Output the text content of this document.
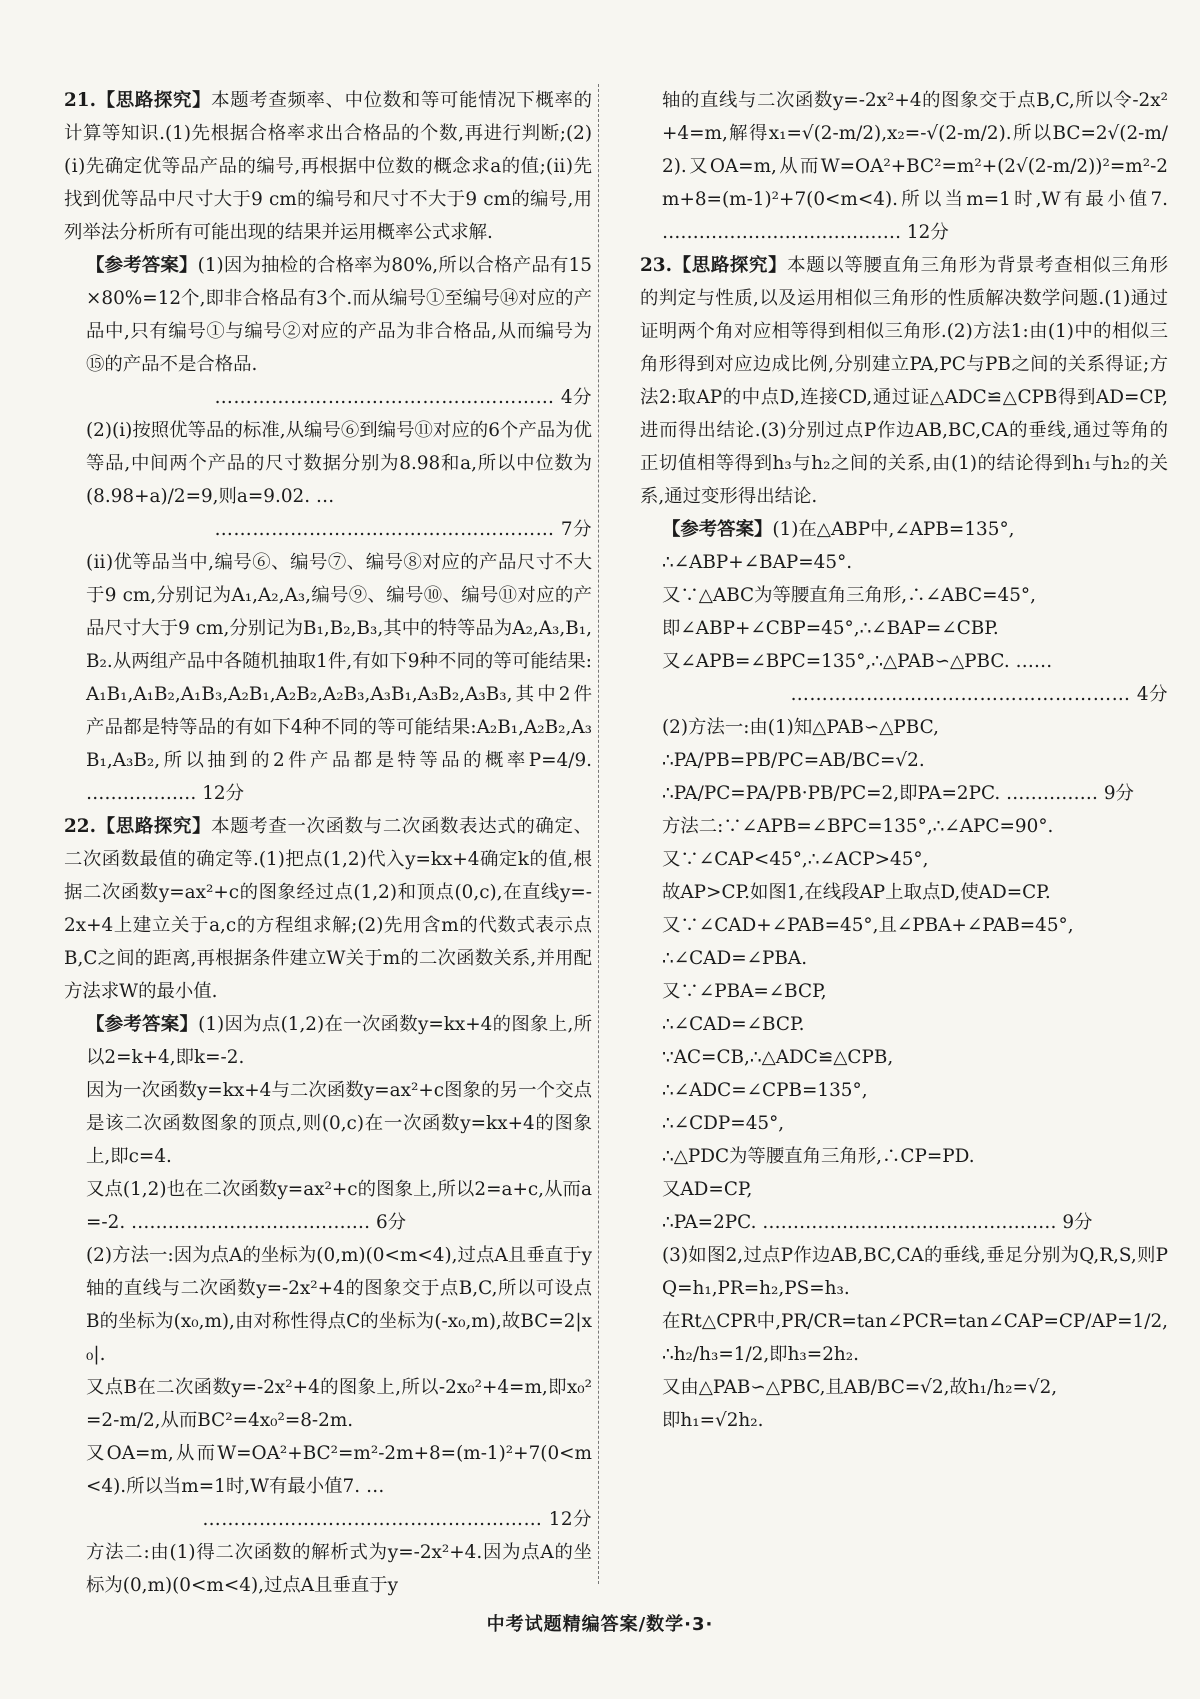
21.【思路探究】本题考查频率、中位数和等可能情况下概率的计算等知识.(1)先根据合格率求出合格品的个数,再进行判断;(2)(ⅰ)先确定优等品产品的编号,再根据中位数的概念求a的值;(ⅱ)先找到优等品中尺寸大于9 cm的编号和尺寸不大于9 cm的编号,用列举法分析所有可能出现的结果并运用概率公式求解.

【参考答案】(1)因为抽检的合格率为80%,所以合格产品有15×80%=12个,即非合格品有3个.而从编号①至编号⑭对应的产品中,只有编号①与编号②对应的产品为非合格品,从而编号为⑮的产品不是合格品.

……………………………………………… 4分

(2)(ⅰ)按照优等品的标准,从编号⑥到编号⑪对应的6个产品为优等品,中间两个产品的尺寸数据分别为8.98和a,所以中位数为(8.98+a)/2=9,则a=9.02. …

……………………………………………… 7分

(ⅱ)优等品当中,编号⑥、编号⑦、编号⑧对应的产品尺寸不大于9 cm,分别记为A₁,A₂,A₃,编号⑨、编号⑩、编号⑪对应的产品尺寸大于9 cm,分别记为B₁,B₂,B₃,其中的特等品为A₂,A₃,B₁,B₂.从两组产品中各随机抽取1件,有如下9种不同的等可能结果:A₁B₁,A₁B₂,A₁B₃,A₂B₁,A₂B₂,A₂B₃,A₃B₁,A₃B₂,A₃B₃,其中2件产品都是特等品的有如下4种不同的等可能结果:A₂B₁,A₂B₂,A₃B₁,A₃B₂,所以抽到的2件产品都是特等品的概率P=4/9. ……………… 12分

22.【思路探究】本题考查一次函数与二次函数表达式的确定、二次函数最值的确定等.(1)把点(1,2)代入y=kx+4确定k的值,根据二次函数y=ax²+c的图象经过点(1,2)和顶点(0,c),在直线y=-2x+4上建立关于a,c的方程组求解;(2)先用含m的代数式表示点B,C之间的距离,再根据条件建立W关于m的二次函数关系,并用配方法求W的最小值.

【参考答案】(1)因为点(1,2)在一次函数y=kx+4的图象上,所以2=k+4,即k=-2.

因为一次函数y=kx+4与二次函数y=ax²+c图象的另一个交点是该二次函数图象的顶点,则(0,c)在一次函数y=kx+4的图象上,即c=4.

又点(1,2)也在二次函数y=ax²+c的图象上,所以2=a+c,从而a=-2. ………………………………… 6分

(2)方法一:因为点A的坐标为(0,m)(0<m<4),过点A且垂直于y轴的直线与二次函数y=-2x²+4的图象交于点B,C,所以可设点B的坐标为(x₀,m),由对称性得点C的坐标为(-x₀,m),故BC=2|x₀|.

又点B在二次函数y=-2x²+4的图象上,所以-2x₀²+4=m,即x₀²=2-m/2,从而BC²=4x₀²=8-2m.

又OA=m,从而W=OA²+BC²=m²-2m+8=(m-1)²+7(0<m<4).所以当m=1时,W有最小值7. …

……………………………………………… 12分

方法二:由(1)得二次函数的解析式为y=-2x²+4.因为点A的坐标为(0,m)(0<m<4),过点A且垂直于y

轴的直线与二次函数y=-2x²+4的图象交于点B,C,所以令-2x²+4=m,解得x₁=√(2-m/2),x₂=-√(2-m/2).所以BC=2√(2-m/2).又OA=m,从而W=OA²+BC²=m²+(2√(2-m/2))²=m²-2m+8=(m-1)²+7(0<m<4).所以当m=1时,W有最小值7. ………………………………… 12分

23.【思路探究】本题以等腰直角三角形为背景考查相似三角形的判定与性质,以及运用相似三角形的性质解决数学问题.(1)通过证明两个角对应相等得到相似三角形.(2)方法1:由(1)中的相似三角形得到对应边成比例,分别建立PA,PC与PB之间的关系得证;方法2:取AP的中点D,连接CD,通过证△ADC≌△CPB得到AD=CP,进而得出结论.(3)分别过点P作边AB,BC,CA的垂线,通过等角的正切值相等得到h₃与h₂之间的关系,由(1)的结论得到h₁与h₂的关系,通过变形得出结论.

【参考答案】(1)在△ABP中,∠APB=135°,

∴∠ABP+∠BAP=45°.

又∵△ABC为等腰直角三角形,∴∠ABC=45°,

即∠ABP+∠CBP=45°,∴∠BAP=∠CBP.

又∠APB=∠BPC=135°,∴△PAB∽△PBC. ……

……………………………………………… 4分

(2)方法一:由(1)知△PAB∽△PBC,

∴PA/PB=PB/PC=AB/BC=√2.

∴PA/PC=PA/PB·PB/PC=2,即PA=2PC. …………… 9分

方法二:∵∠APB=∠BPC=135°,∴∠APC=90°.

又∵∠CAP<45°,∴∠ACP>45°,

故AP>CP.如图1,在线段AP上取点D,使AD=CP.

又∵∠CAD+∠PAB=45°,且∠PBA+∠PAB=45°,

∴∠CAD=∠PBA.

又∵∠PBA=∠BCP,

∴∠CAD=∠BCP.

∵AC=CB,∴△ADC≌△CPB,

∴∠ADC=∠CPB=135°,

∴∠CDP=45°,

∴△PDC为等腰直角三角形,∴CP=PD.

又AD=CP,

∴PA=2PC. ………………………………………… 9分

(3)如图2,过点P作边AB,BC,CA的垂线,垂足分别为Q,R,S,则PQ=h₁,PR=h₂,PS=h₃.

在Rt△CPR中,PR/CR=tan∠PCR=tan∠CAP=CP/AP=1/2,∴h₂/h₃=1/2,即h₃=2h₂.

又由△PAB∽△PBC,且AB/BC=√2,故h₁/h₂=√2,

即h₁=√2h₂.

中考试题精编答案/数学·3·
